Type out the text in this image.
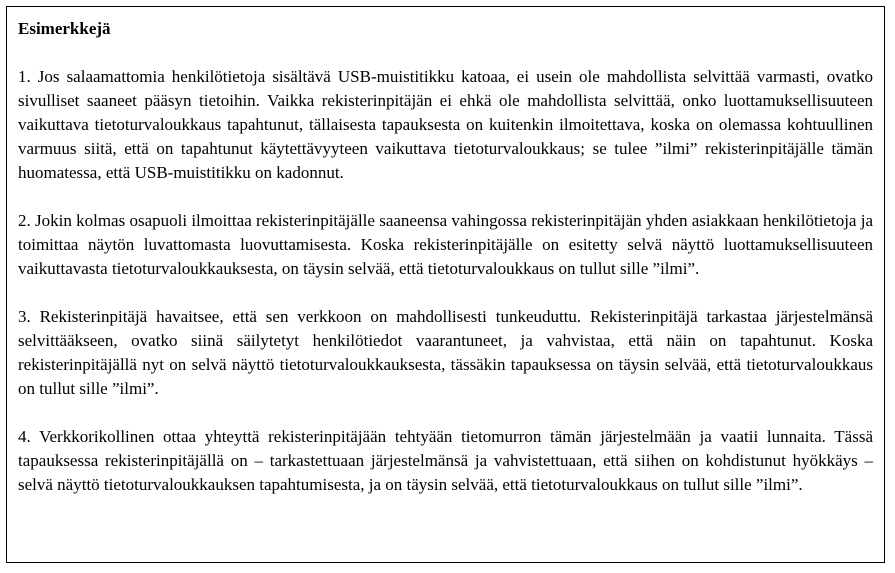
Esimerkkejä

1. Jos salaamattomia henkilötietoja sisältävä USB-muistitikku katoaa, ei usein ole mahdollista selvittää varmasti, ovatko sivulliset saaneet pääsyn tietoihin. Vaikka rekisterinpitäjän ei ehkä ole mahdollista selvittää, onko luottamuksellisuuteen vaikuttava tietoturvaloukkaus tapahtunut, tällaisesta tapauksesta on kuitenkin ilmoitettava, koska on olemassa kohtuullinen varmuus siitä, että on tapahtunut käytettävyyteen vaikuttava tietoturvaloukkaus; se tulee ”ilmi” rekisterinpitäjälle tämän huomatessa, että USB-muistitikku on kadonnut.

2. Jokin kolmas osapuoli ilmoittaa rekisterinpitäjälle saaneensa vahingossa rekisterinpitäjän yhden asiakkaan henkilötietoja ja toimittaa näytön luvattomasta luovuttamisesta. Koska rekisterinpitäjälle on esitetty selvä näyttö luottamuksellisuuteen vaikuttavasta tietoturvaloukkauksesta, on täysin selvää, että tietoturvaloukkaus on tullut sille ”ilmi”.

3. Rekisterinpitäjä havaitsee, että sen verkkoon on mahdollisesti tunkeuduttu. Rekisterinpitäjä tarkastaa järjestelmänsä selvittääkseen, ovatko siinä säilytetyt henkilötiedot vaarantuneet, ja vahvistaa, että näin on tapahtunut. Koska rekisterinpitäjällä nyt on selvä näyttö tietoturvaloukkauksesta, tässäkin tapauksessa on täysin selvää, että tietoturvaloukkaus on tullut sille ”ilmi”.

4. Verkkorikollinen ottaa yhteyttä rekisterinpitäjään tehtyään tietomurron tämän järjestelmään ja vaatii lunnaita. Tässä tapauksessa rekisterinpitäjällä on – tarkastettuaan järjestelmänsä ja vahvistettuaan, että siihen on kohdistunut hyökkäys – selvä näyttö tietoturvaloukkauksen tapahtumisesta, ja on täysin selvää, että tietoturvaloukkaus on tullut sille ”ilmi”.
